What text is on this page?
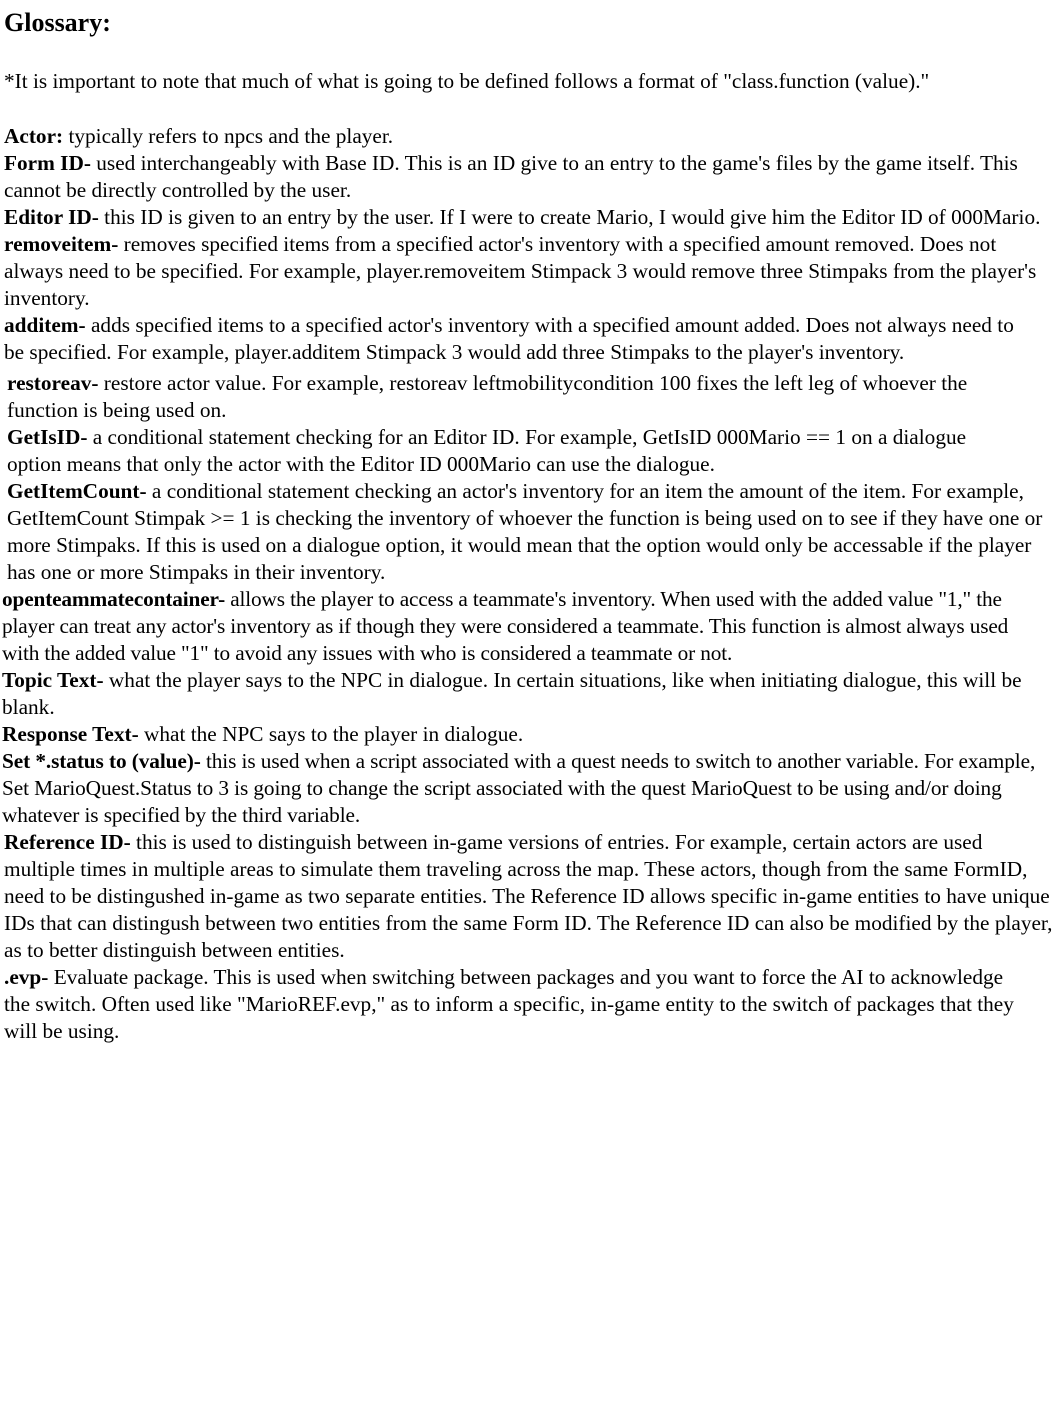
Glossary:
*It is important to note that much of what is going to be defined follows a format of "class.function (value)."

Actor: typically refers to npcs and the player.

Form ID- used interchangeably with Base ID. This is an ID give to an entry to the game's files by the game itself. This cannot be directly controlled by the user.

Editor ID- this ID is given to an entry by the user. If I were to create Mario, I would give him the Editor ID of 000Mario.

removeitem- removes specified items from a specified actor's inventory with a specified amount removed. Does not always need to be specified. For example, player.removeitem Stimpack 3 would remove three Stimpaks from the player's inventory.

additem- adds specified items to a specified actor's inventory with a specified amount added. Does not always need to be specified. For example, player.additem Stimpack 3 would add three Stimpaks to the player's inventory.

restoreav- restore actor value. For example, restoreav leftmobilitycondition 100 fixes the left leg of whoever the function is being used on.

GetIsID- a conditional statement checking for an Editor ID. For example, GetIsID 000Mario == 1 on a dialogue option means that only the actor with the Editor ID 000Mario can use the dialogue.

GetItemCount- a conditional statement checking an actor's inventory for an item the amount of the item. For example, GetItemCount Stimpak >= 1 is checking the inventory of whoever the function is being used on to see if they have one or more Stimpaks. If this is used on a dialogue option, it would mean that the option would only be accessable if the player has one or more Stimpaks in their inventory.

openteammatecontainer- allows the player to access a teammate's inventory. When used with the added value "1," the player can treat any actor's inventory as if though they were considered a teammate. This function is almost always used with the added value "1" to avoid any issues with who is considered a teammate or not.

Topic Text- what the player says to the NPC in dialogue. In certain situations, like when initiating dialogue, this will be blank.

Response Text- what the NPC says to the player in dialogue.

Set *.status to (value)- this is used when a script associated with a quest needs to switch to another variable. For example, Set MarioQuest.Status to 3 is going to change the script associated with the quest MarioQuest to be using and/or doing whatever is specified by the third variable.

Reference ID- this is used to distinguish between in-game versions of entries. For example, certain actors are used multiple times in multiple areas to simulate them traveling across the map. These actors, though from the same FormID, need to be distingushed in-game as two separate entities. The Reference ID allows specific in-game entities to have unique IDs that can distingush between two entities from the same Form ID. The Reference ID can also be modified by the player, as to better distinguish between entities.

.evp- Evaluate package. This is used when switching between packages and you want to force the AI to acknowledge the switch. Often used like "MarioREF.evp," as to inform a specific, in-game entity to the switch of packages that they will be using.
